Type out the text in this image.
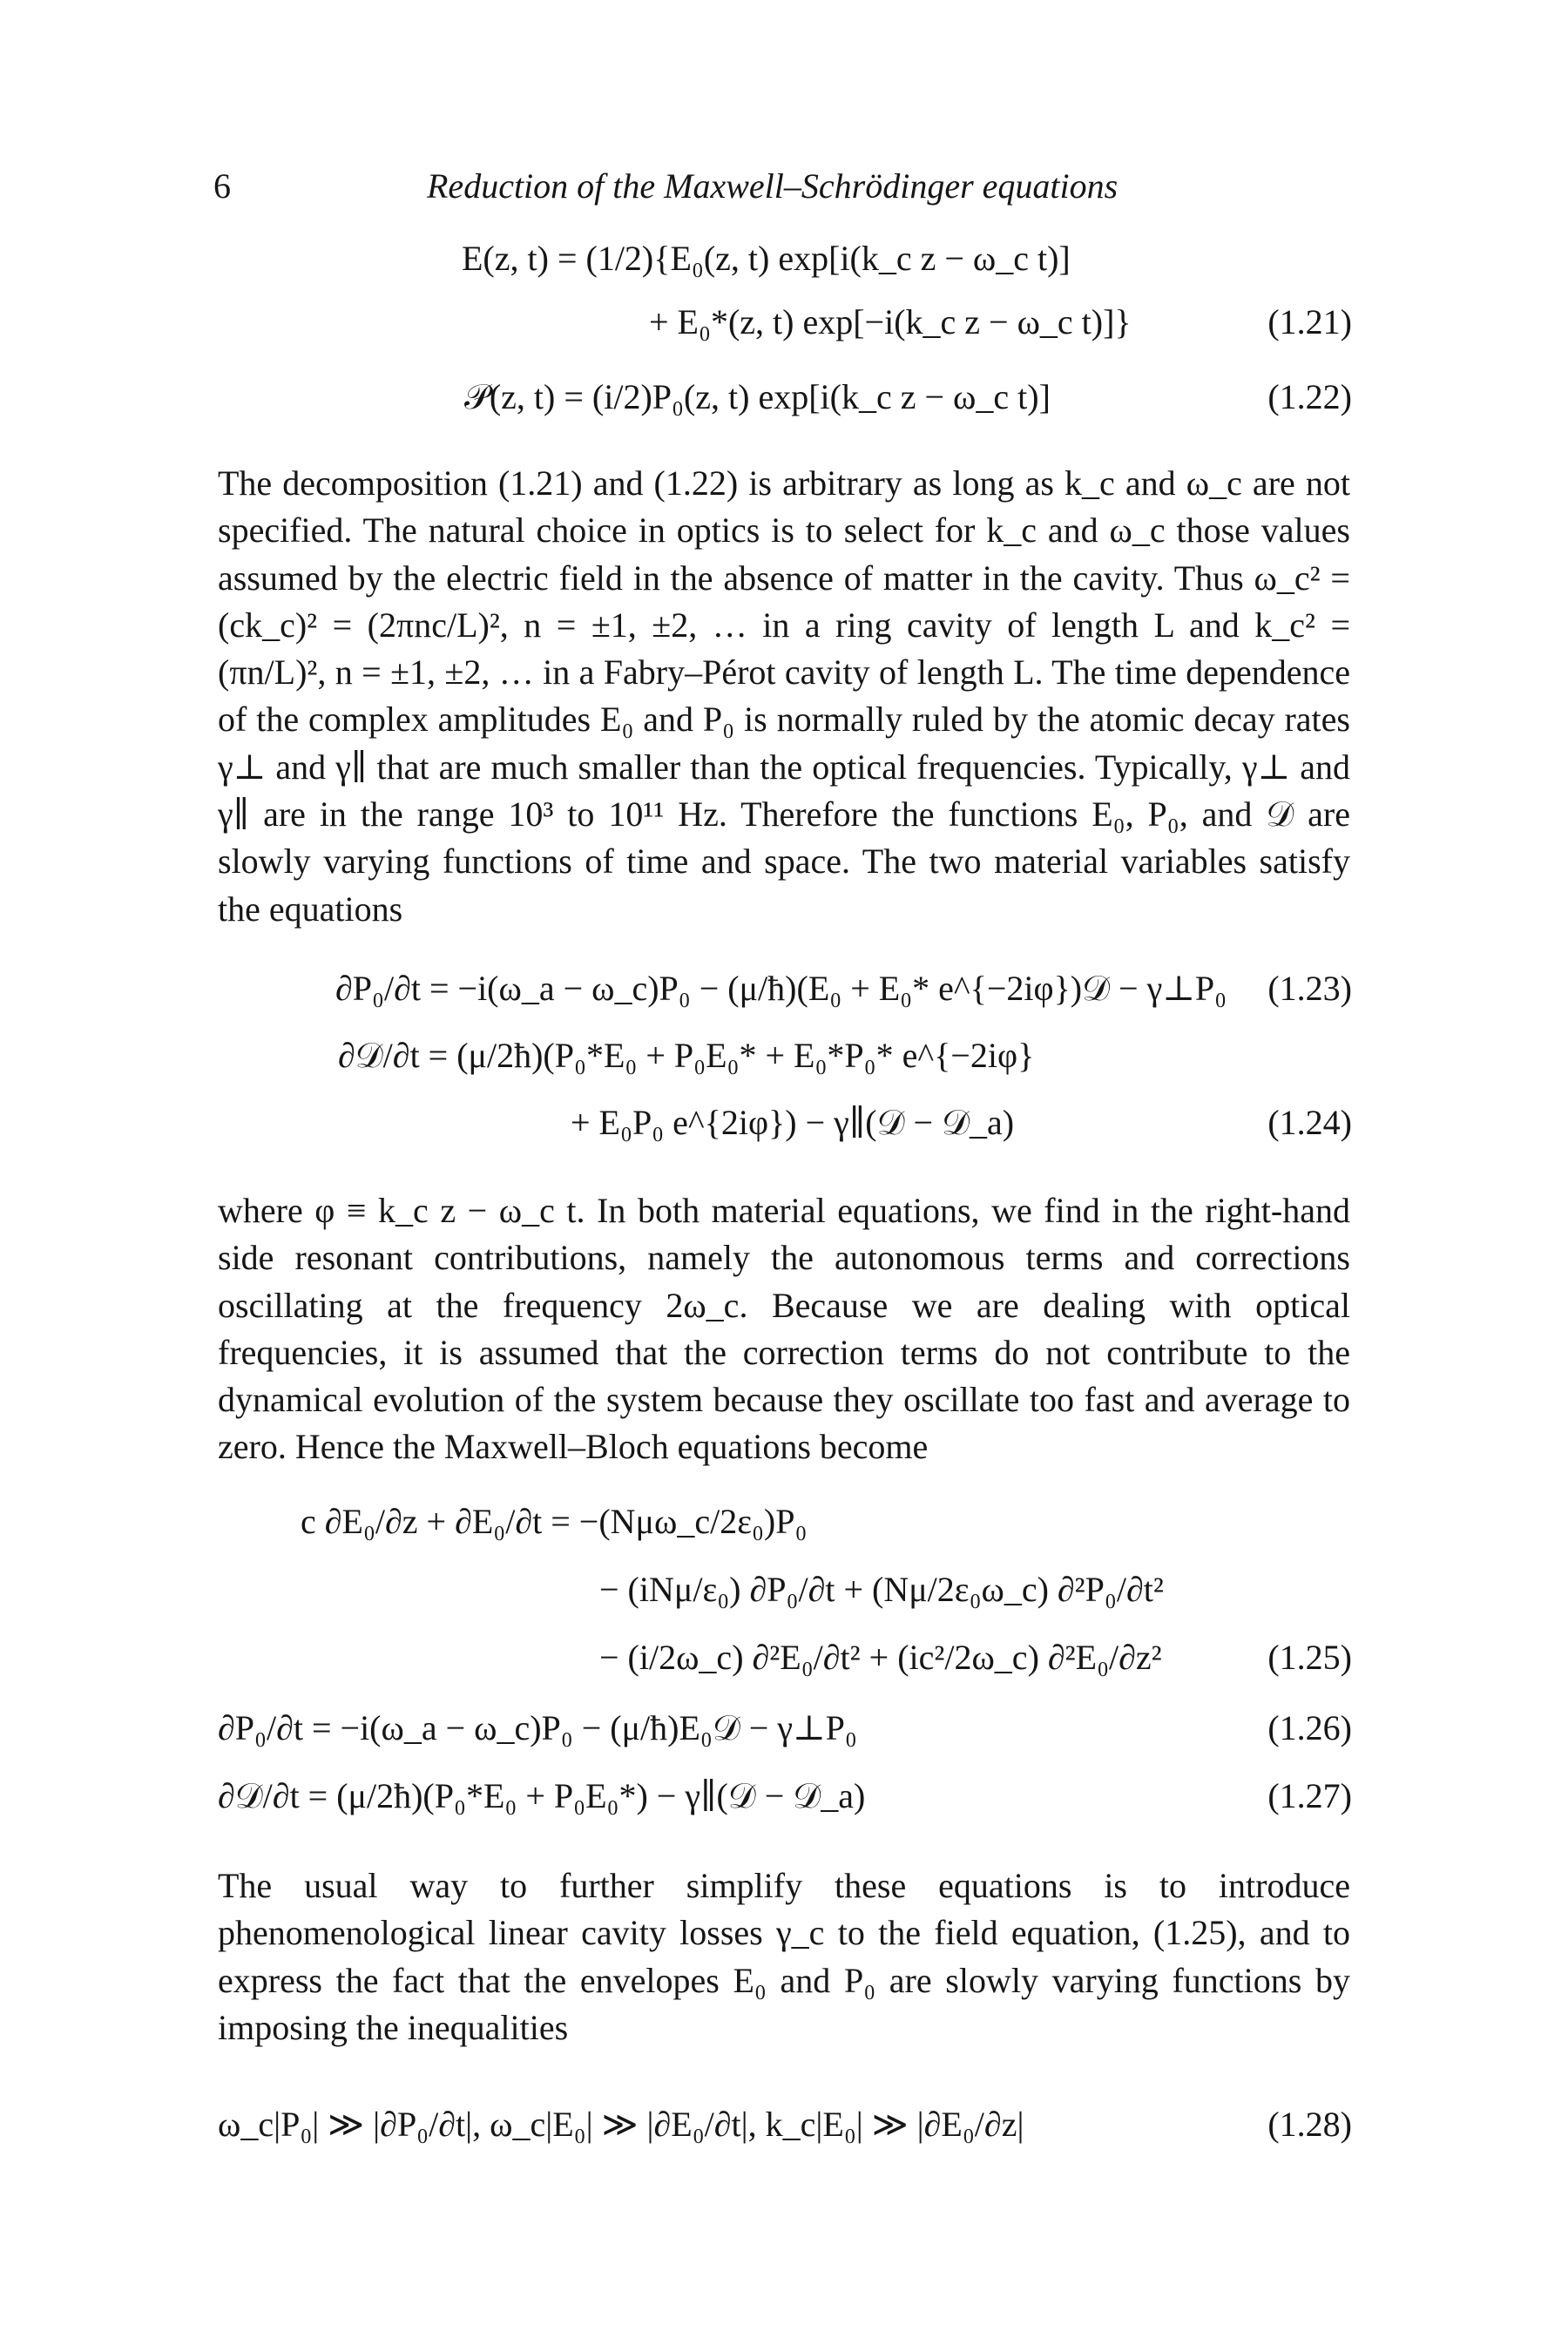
6	Reduction of the Maxwell–Schrödinger equations
E(z, t) = (1/2){E₀(z, t) exp[i(k_c z − ω_c t)]
+ E₀*(z, t) exp[−i(k_c z − ω_c t)]}	(1.21)
𝒫(z, t) = (i/2)P₀(z, t) exp[i(k_c z − ω_c t)]	(1.22)
The decomposition (1.21) and (1.22) is arbitrary as long as k_c and ω_c are not specified. The natural choice in optics is to select for k_c and ω_c those values assumed by the electric field in the absence of matter in the cavity. Thus ω_c² = (ck_c)² = (2πnc/L)², n = ±1, ±2, … in a ring cavity of length L and k_c² = (πn/L)², n = ±1, ±2, … in a Fabry–Pérot cavity of length L. The time dependence of the complex amplitudes E₀ and P₀ is normally ruled by the atomic decay rates γ⊥ and γ∥ that are much smaller than the optical frequencies. Typically, γ⊥ and γ∥ are in the range 10³ to 10¹¹ Hz. Therefore the functions E₀, P₀, and 𝒟 are slowly varying functions of time and space. The two material variables satisfy the equations
∂P₀/∂t = −i(ω_a − ω_c)P₀ − (μ/ħ)(E₀ + E₀* e^{−2iφ})𝒟 − γ⊥P₀ (1.23)
∂𝒟/∂t = (μ/2ħ)(P₀*E₀ + P₀E₀* + E₀*P₀* e^{−2iφ}
+ E₀P₀ e^{2iφ}) − γ∥(𝒟 − 𝒟_a)	(1.24)
where φ ≡ k_c z − ω_c t. In both material equations, we find in the right-hand side resonant contributions, namely the autonomous terms and corrections oscillating at the frequency 2ω_c. Because we are dealing with optical frequencies, it is assumed that the correction terms do not contribute to the dynamical evolution of the system because they oscillate too fast and average to zero. Hence the Maxwell–Bloch equations become
c ∂E₀/∂z + ∂E₀/∂t = −(Nμω_c/2ε₀)P₀
− (iNμ/ε₀) ∂P₀/∂t + (Nμ/2ε₀ω_c) ∂²P₀/∂t²
− (i/2ω_c) ∂²E₀/∂t² + (ic²/2ω_c) ∂²E₀/∂z²	(1.25)
∂P₀/∂t = −i(ω_a − ω_c)P₀ − (μ/ħ)E₀𝒟 − γ⊥P₀	(1.26)
∂𝒟/∂t = (μ/2ħ)(P₀*E₀ + P₀E₀*) − γ∥(𝒟 − 𝒟_a)	(1.27)
The usual way to further simplify these equations is to introduce phenomenological linear cavity losses γ_c to the field equation, (1.25), and to express the fact that the envelopes E₀ and P₀ are slowly varying functions by imposing the inequalities
ω_c|P₀| ≫ |∂P₀/∂t|, ω_c|E₀| ≫ |∂E₀/∂t|, k_c|E₀| ≫ |∂E₀/∂z|	(1.28)
